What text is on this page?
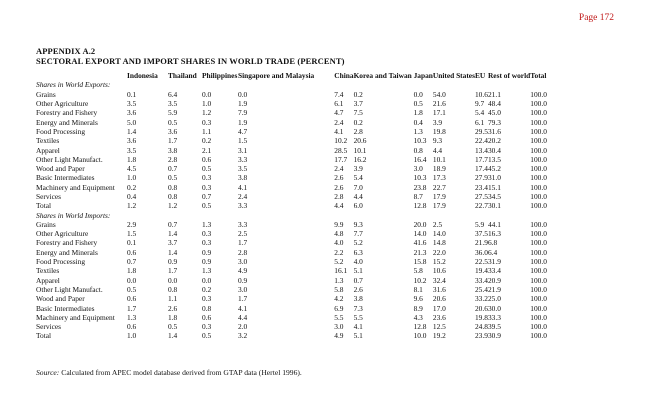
Page 172
APPENDIX A.2
SECTORAL EXPORT AND IMPORT SHARES IN WORLD TRADE (PERCENT)
	Indonesia	Thailand	Philippines	Singapore and Malaysia			China	Korea and Taiwan		Japan	United States	EU	Rest of world	Total

Shares in World Exports:														
Grains	0.1	6.4	0.0	0.0			7.4	0.2		0.0	54.0	10.6	21.1	100.0
Other Agriculture	3.5	3.5	1.0	1.9			6.1	3.7		0.5	21.6	9.7	48.4	100.0
Forestry and Fishery	3.6	5.9	1.2	7.9			4.7	7.5		1.8	17.1	5.4	45.0	100.0
Energy and Minerals	5.0	0.5	0.3	1.9			2.4	0.2		0.4	3.9	6.1	79.3	100.0
Food Processing	1.4	3.6	1.1	4.7			4.1	2.8		1.3	19.8	29.5	31.6	100.0
Textiles	3.6	1.7	0.2	1.5			10.2	20.6		10.3	9.3	22.4	20.2	100.0
Apparel	3.5	3.8	2.1	3.1			28.5	10.1		0.8	4.4	13.4	30.4	100.0
Other Light Manufact.	1.8	2.8	0.6	3.3			17.7	16.2		16.4	10.1	17.7	13.5	100.0
Wood and Paper	4.5	0.7	0.5	3.5			2.4	3.9		3.0	18.9	17.4	45.2	100.0
Basic Intermediates	1.0	0.5	0.3	3.8			2.6	5.4		10.3	17.3	27.9	31.0	100.0
Machinery and Equipment	0.2	0.8	0.3	4.1			2.6	7.0		23.8	22.7	23.4	15.1	100.0
Services	0.4	0.8	0.7	2.4			2.8	4.4		8.7	17.9	27.5	34.5	100.0
Total	1.2	1.2	0.5	3.3			4.4	6.0		12.8	17.9	22.7	30.1	100.0
Shares in World Imports:														
Grains	2.9	0.7	1.3	3.3			9.9	9.3		20.0	2.5	5.9	44.1	100.0
Other Agriculture	1.5	1.4	0.3	2.5			4.8	7.7		14.0	14.0	37.5	16.3	100.0
Forestry and Fishery	0.1	3.7	0.3	1.7			4.0	5.2		41.6	14.8	21.9	6.8	100.0
Energy and Minerals	0.6	1.4	0.9	2.8			2.2	6.3		21.3	22.0	36.0	6.4	100.0
Food Processing	0.7	0.9	0.9	3.0			5.2	4.0		15.8	15.2	22.5	31.9	100.0
Textiles	1.8	1.7	1.3	4.9			16.1	5.1		5.8	10.6	19.4	33.4	100.0
Apparel	0.0	0.0	0.0	0.9			1.3	0.7		10.2	32.4	33.4	20.9	100.0
Other Light Manufact.	0.5	0.8	0.2	3.0			5.8	2.6		8.1	31.6	25.4	21.9	100.0
Wood and Paper	0.6	1.1	0.3	1.7			4.2	3.8		9.6	20.6	33.2	25.0	100.0
Basic Intermediates	1.7	2.6	0.8	4.1			6.9	7.3		8.9	17.0	20.6	30.0	100.0
Machinery and Equipment	1.3	1.8	0.6	4.4			5.5	5.5		4.3	23.6	19.8	33.3	100.0
Services	0.6	0.5	0.3	2.0			3.0	4.1		12.8	12.5	24.8	39.5	100.0
Total	1.0	1.4	0.5	3.2			4.9	5.1		10.0	19.2	23.9	30.9	100.0
Source: Calculated from APEC model database derived from GTAP data (Hertel 1996).
